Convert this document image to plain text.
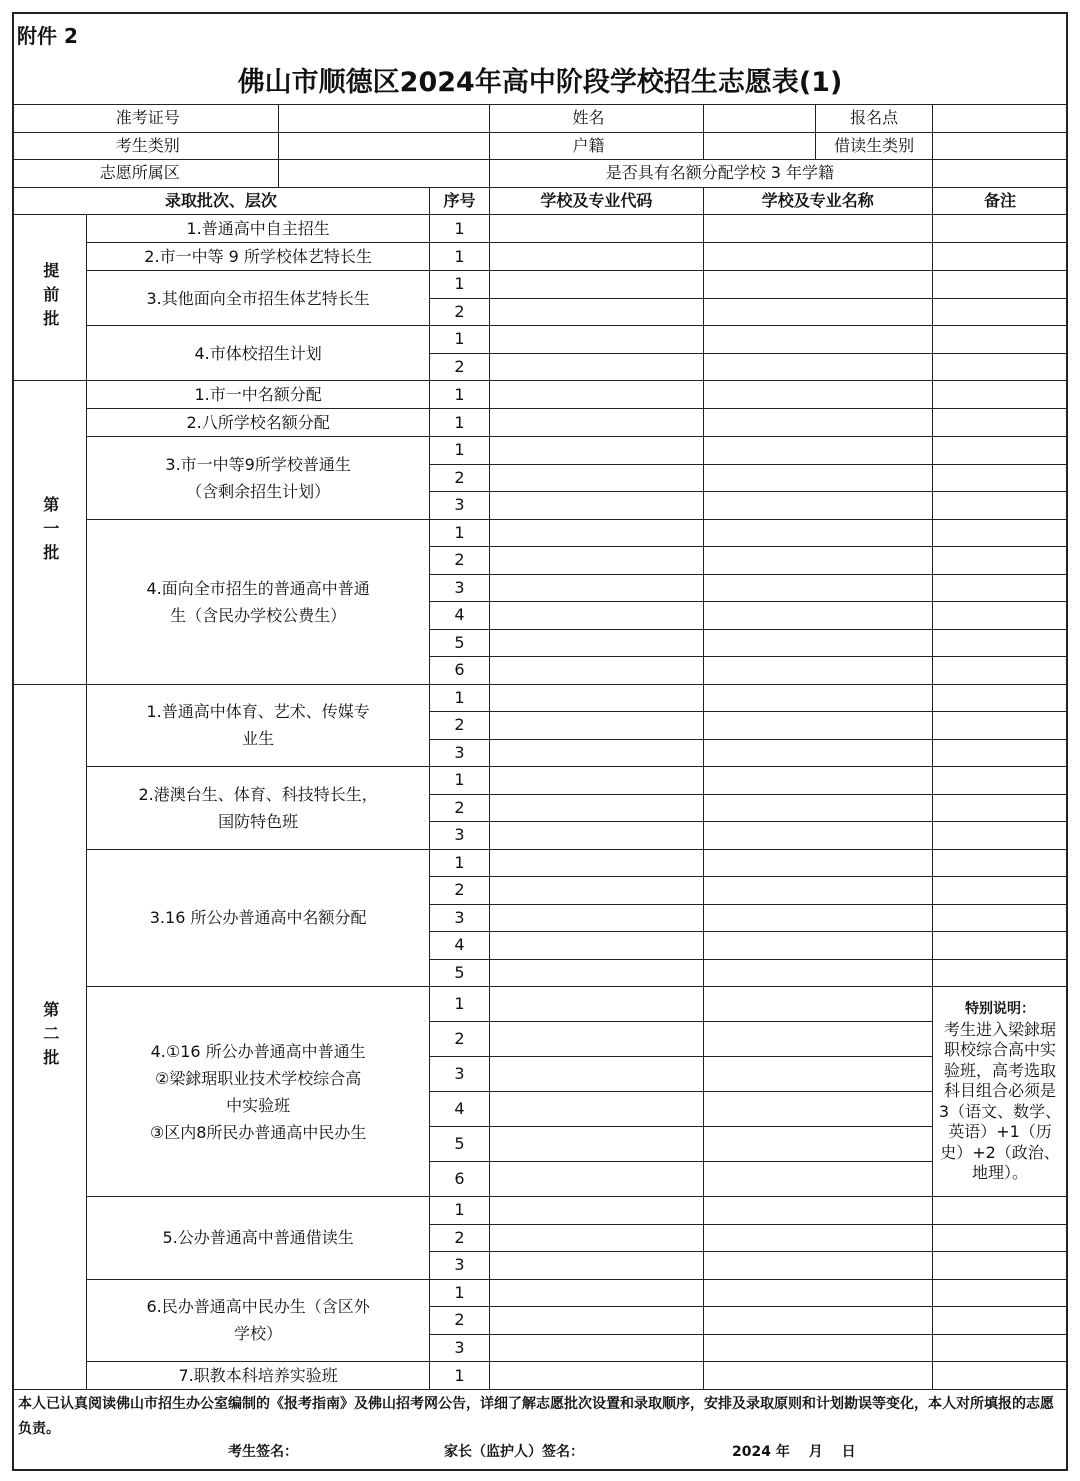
附件 2
佛山市顺德区2024年高中阶段学校招生志愿表(1)
准考证号				姓名		报名点	
考生类别				户籍		借读生类别	
志愿所属区				是否具有名额分配学校 3 年学籍			
录取批次、层次			序号	学校及专业代码	学校及专业名称		备注
提前批	1.普通高中自主招生		1				
	2.市一中等 9 所学校体艺特长生		1				
	3.其他面向全市招生体艺特长生		1				
			2				
	4.市体校招生计划		1				
			2				
第一批	1.市一中名额分配		1				
	2.八所学校名额分配		1				
	3.市一中等9所学校普通生
（含剩余招生计划）		1				
			2				
			3				
	4.面向全市招生的普通高中普通
生（含民办学校公费生）		1				
			2				
			3				
			4				
			5				
			6				
第二批	1.普通高中体育、艺术、传媒专
业生		1				
			2				
			3				
	2.港澳台生、体育、科技特长生，
国防特色班		1				
			2				
			3				
	3.16 所公办普通高中名额分配		1				
			2				
			3				
			4				
			5				
	4.①16 所公办普通高中普通生
②梁銶琚职业技术学校综合高
中实验班
③区内8所民办普通高中民办生		1				特别说明：
考生进入梁銶琚职校综合高中实验班，高考选取科目组合必须是 3（语文、数学、英语）+1（历史）+2（政治、地理）。
			2				
			3				
			4				
			5				
			6				
	5.公办普通高中普通借读生		1				
			2				
			3				
	6.民办普通高中民办生（含区外
学校）		1				
			2				
			3				
	7.职教本科培养实验班		1				
本人已认真阅读佛山市招生办公室编制的《报考指南》及佛山招考网公告，详细了解志愿批次设置和录取顺序，安排及录取原则和计划勘误等变化，本人对所填报的志愿负责。
考生签名：	家长（监护人）签名：	2024 年　 月　 日
